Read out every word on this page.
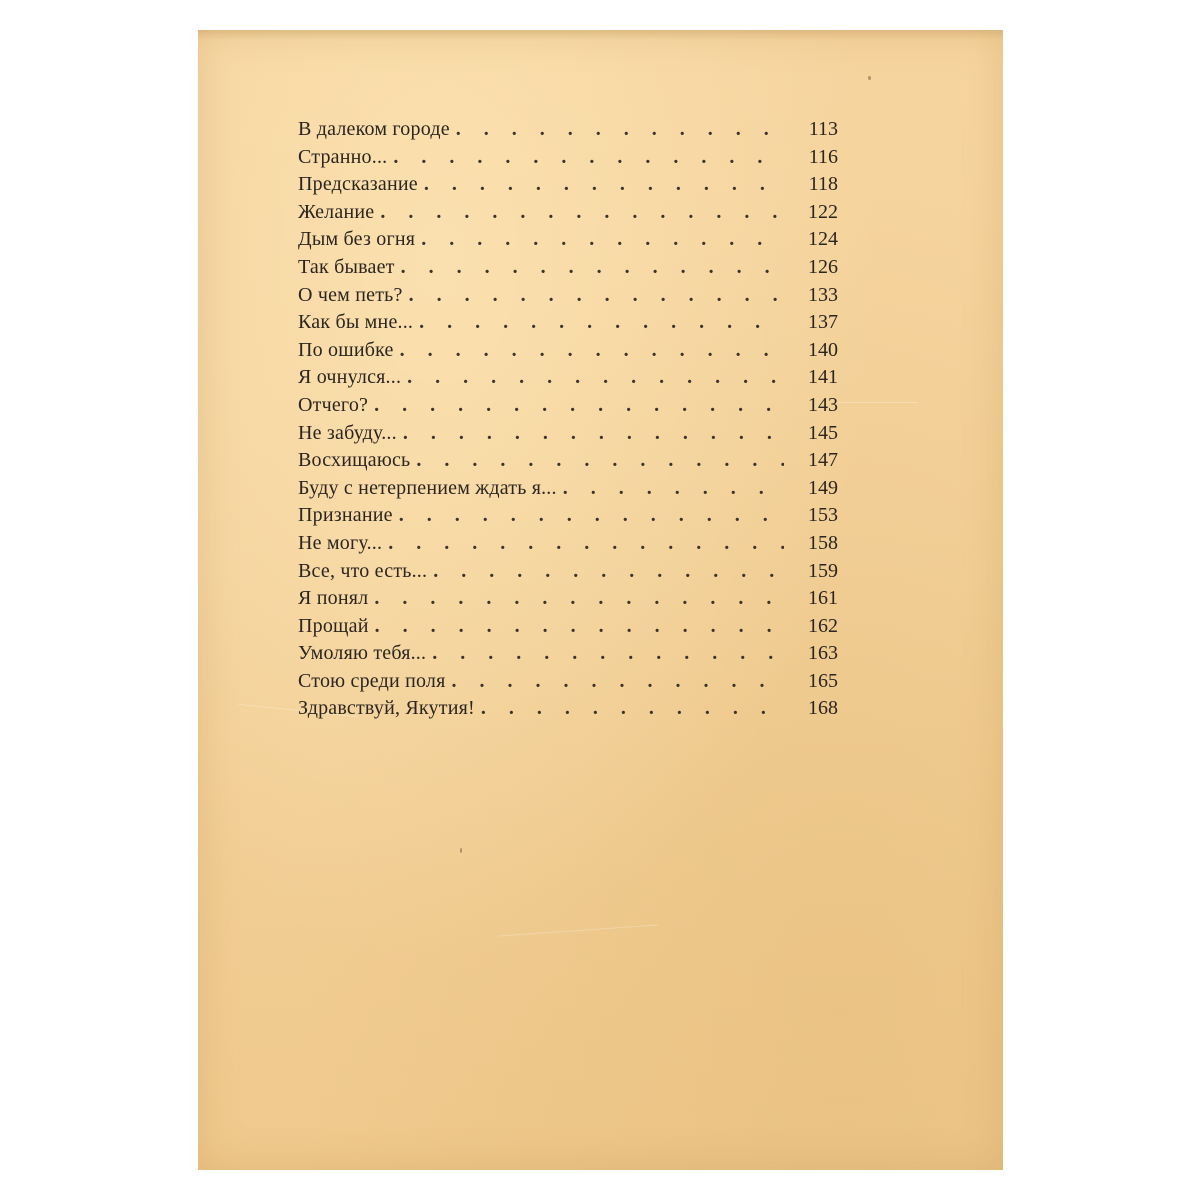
В далеком городе . . .	113
Странно... . . .	116
Предсказание . . .	118
Желание . . .	122
Дым без огня . . .	124
Так бывает . . .	126
О чем петь? . . .	133
Как бы мне... . . .	137
По ошибке . . .	140
Я очнулся... . . .	141
Отчего? . . .	143
Не забуду... . . .	145
Восхищаюсь . . .	147
Буду с нетерпением ждать я... . . .	149
Признание . . .	153
Не могу... . . .	158
Все, что есть... . . .	159
Я понял . . .	161
Прощай . . .	162
Умоляю тебя... . . .	163
Стою среди поля . . .	165
Здравствуй, Якутия! . . .	168
